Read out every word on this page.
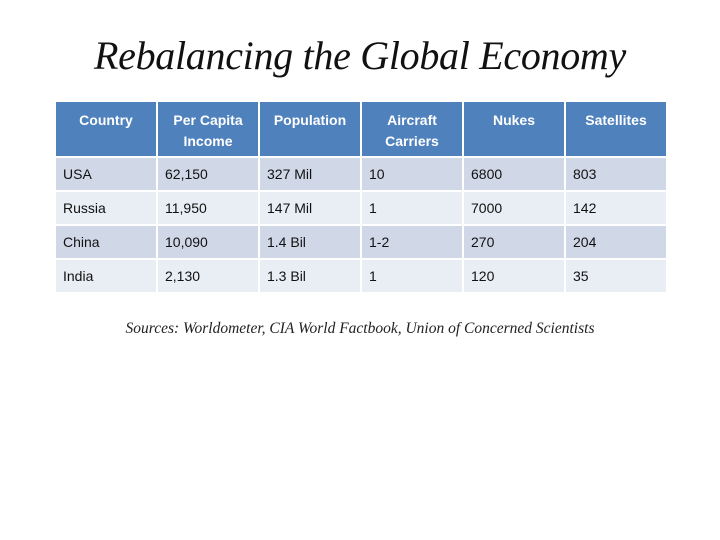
Rebalancing the Global Economy
Country	Per Capita Income	Population	Aircraft Carriers	Nukes	Satellites
USA	62,150	327 Mil	10	6800	803
Russia	11,950	147 Mil	1	7000	142
China	10,090	1.4 Bil	1-2	270	204
India	2,130	1.3 Bil	1	120	35
Sources: Worldometer, CIA World Factbook, Union of Concerned Scientists
